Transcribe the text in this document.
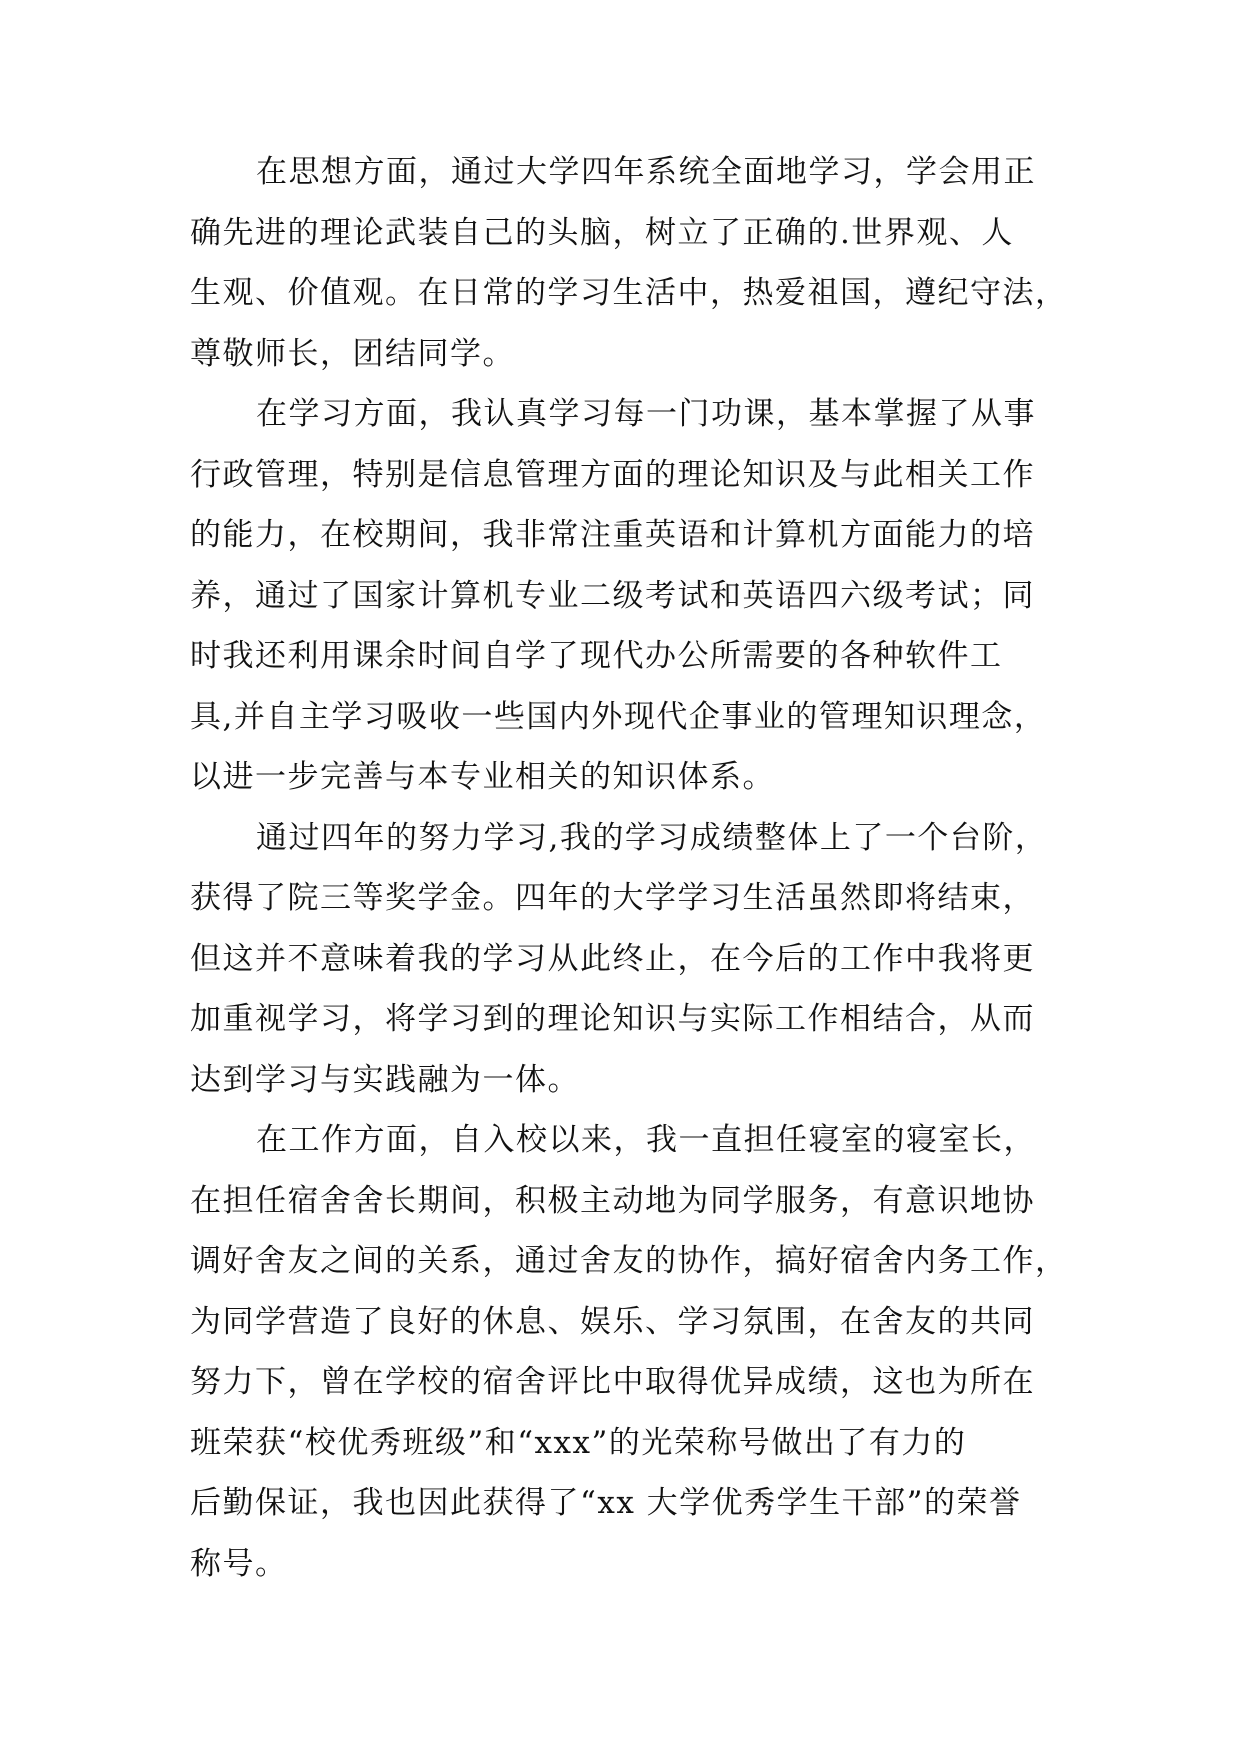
在思想方面，通过大学四年系统全面地学习，学会用正
确先进的理论武装自己的头脑，树立了正确的.世界观、人
生观、价值观。在日常的学习生活中，热爱祖国，遵纪守法，
尊敬师长，团结同学。
在学习方面，我认真学习每一门功课，基本掌握了从事
行政管理，特别是信息管理方面的理论知识及与此相关工作
的能力，在校期间，我非常注重英语和计算机方面能力的培
养，通过了国家计算机专业二级考试和英语四六级考试；同
时我还利用课余时间自学了现代办公所需要的各种软件工
具,并自主学习吸收一些国内外现代企事业的管理知识理念，
以进一步完善与本专业相关的知识体系。
通过四年的努力学习,我的学习成绩整体上了一个台阶，
获得了院三等奖学金。四年的大学学习生活虽然即将结束，
但这并不意味着我的学习从此终止，在今后的工作中我将更
加重视学习，将学习到的理论知识与实际工作相结合，从而
达到学习与实践融为一体。
在工作方面，自入校以来，我一直担任寝室的寝室长，
在担任宿舍舍长期间，积极主动地为同学服务，有意识地协
调好舍友之间的关系，通过舍友的协作，搞好宿舍内务工作，
为同学营造了良好的休息、娱乐、学习氛围，在舍友的共同
努力下，曾在学校的宿舍评比中取得优异成绩，这也为所在
班荣获“校优秀班级”和“xxx”的光荣称号做出了有力的
后勤保证，我也因此获得了“xx 大学优秀学生干部”的荣誉
称号。
